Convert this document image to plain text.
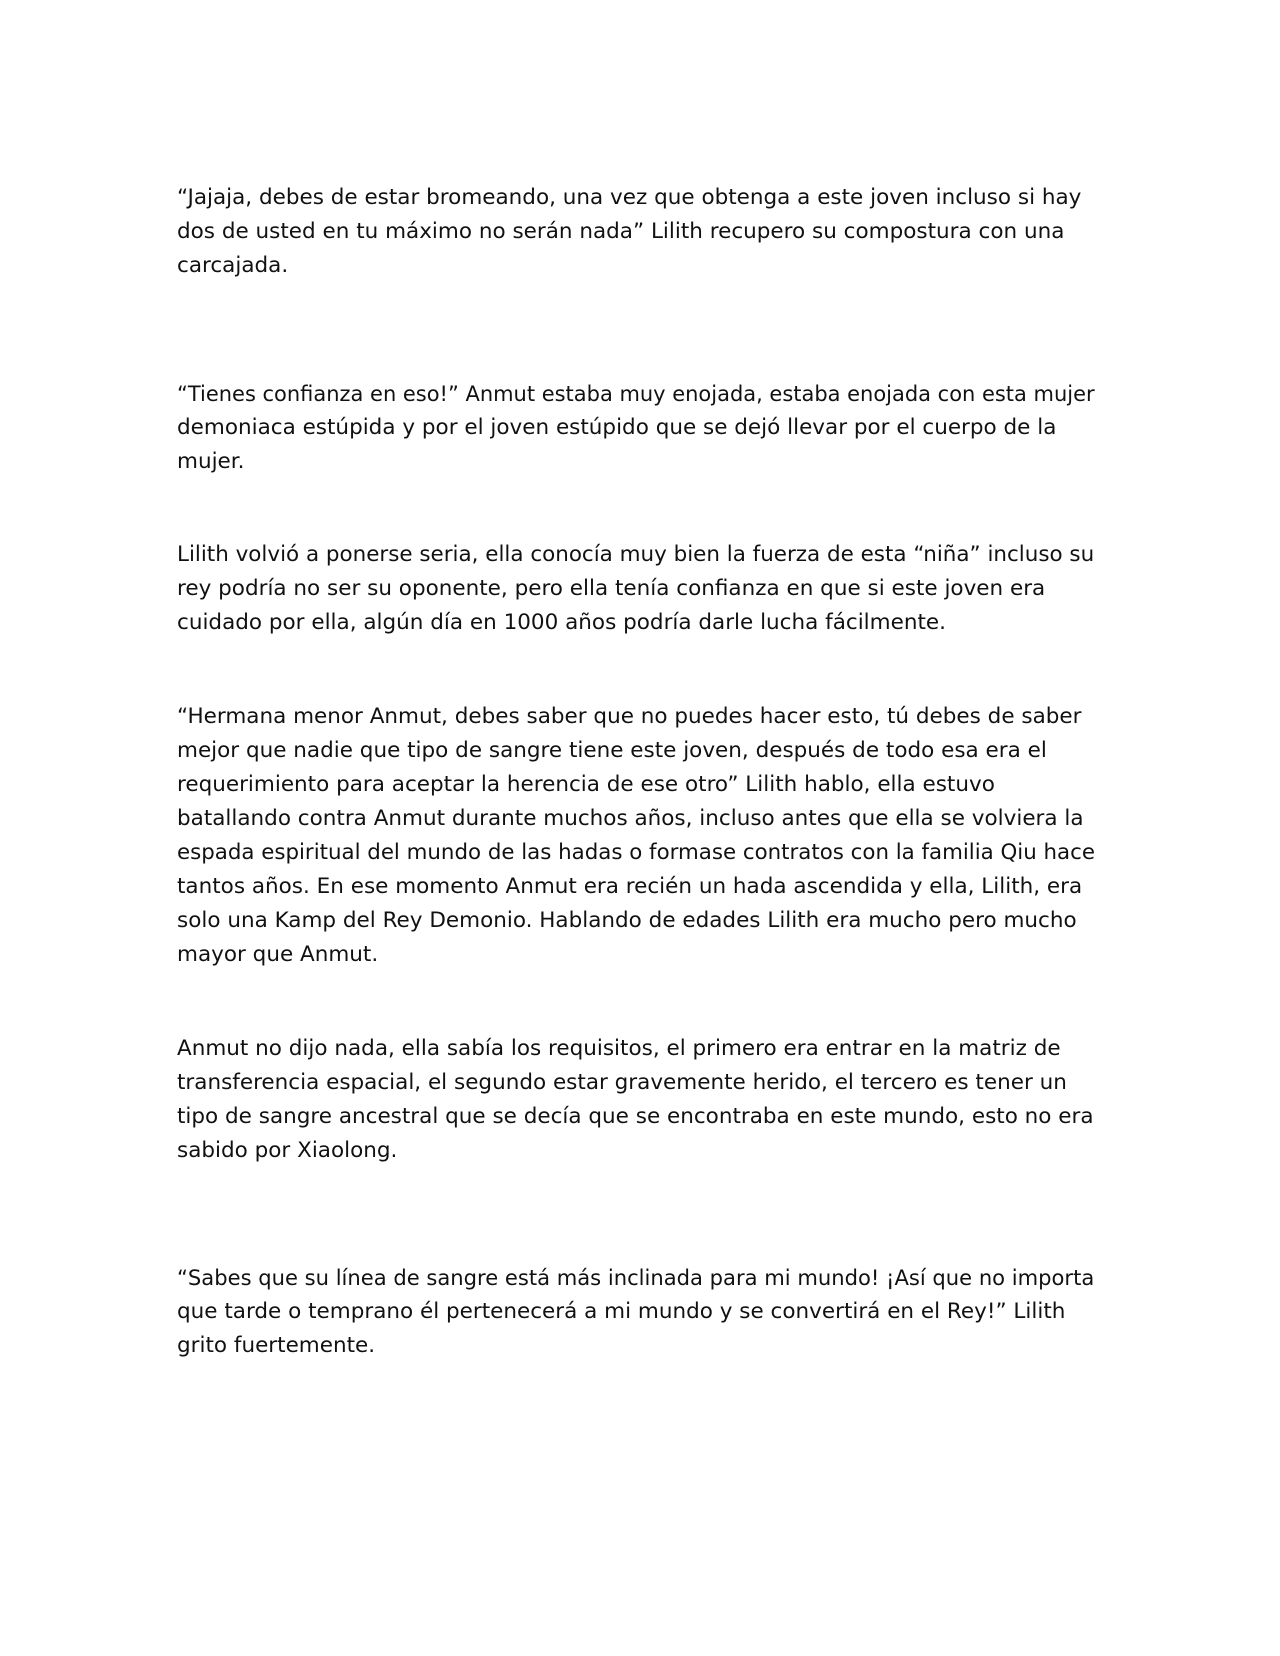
“Jajaja, debes de estar bromeando, una vez que obtenga a este joven incluso si hay
dos de usted en tu máximo no serán nada” Lilith recupero su compostura con una
carcajada.

“Tienes confianza en eso!” Anmut estaba muy enojada, estaba enojada con esta mujer
demoniaca estúpida y por el joven estúpido que se dejó llevar por el cuerpo de la
mujer.

Lilith volvió a ponerse seria, ella conocía muy bien la fuerza de esta “niña” incluso su
rey podría no ser su oponente, pero ella tenía confianza en que si este joven era
cuidado por ella, algún día en 1000 años podría darle lucha fácilmente.

“Hermana menor Anmut, debes saber que no puedes hacer esto, tú debes de saber
mejor que nadie que tipo de sangre tiene este joven, después de todo esa era el
requerimiento para aceptar la herencia de ese otro” Lilith hablo, ella estuvo
batallando contra Anmut durante muchos años, incluso antes que ella se volviera la
espada espiritual del mundo de las hadas o formase contratos con la familia Qiu hace
tantos años. En ese momento Anmut era recién un hada ascendida y ella, Lilith, era
solo una Kamp del Rey Demonio. Hablando de edades Lilith era mucho pero mucho
mayor que Anmut.

Anmut no dijo nada, ella sabía los requisitos, el primero era entrar en la matriz de
transferencia espacial, el segundo estar gravemente herido, el tercero es tener un
tipo de sangre ancestral que se decía que se encontraba en este mundo, esto no era
sabido por Xiaolong.

“Sabes que su línea de sangre está más inclinada para mi mundo! ¡Así que no importa
que tarde o temprano él pertenecerá a mi mundo y se convertirá en el Rey!” Lilith
grito fuertemente.
